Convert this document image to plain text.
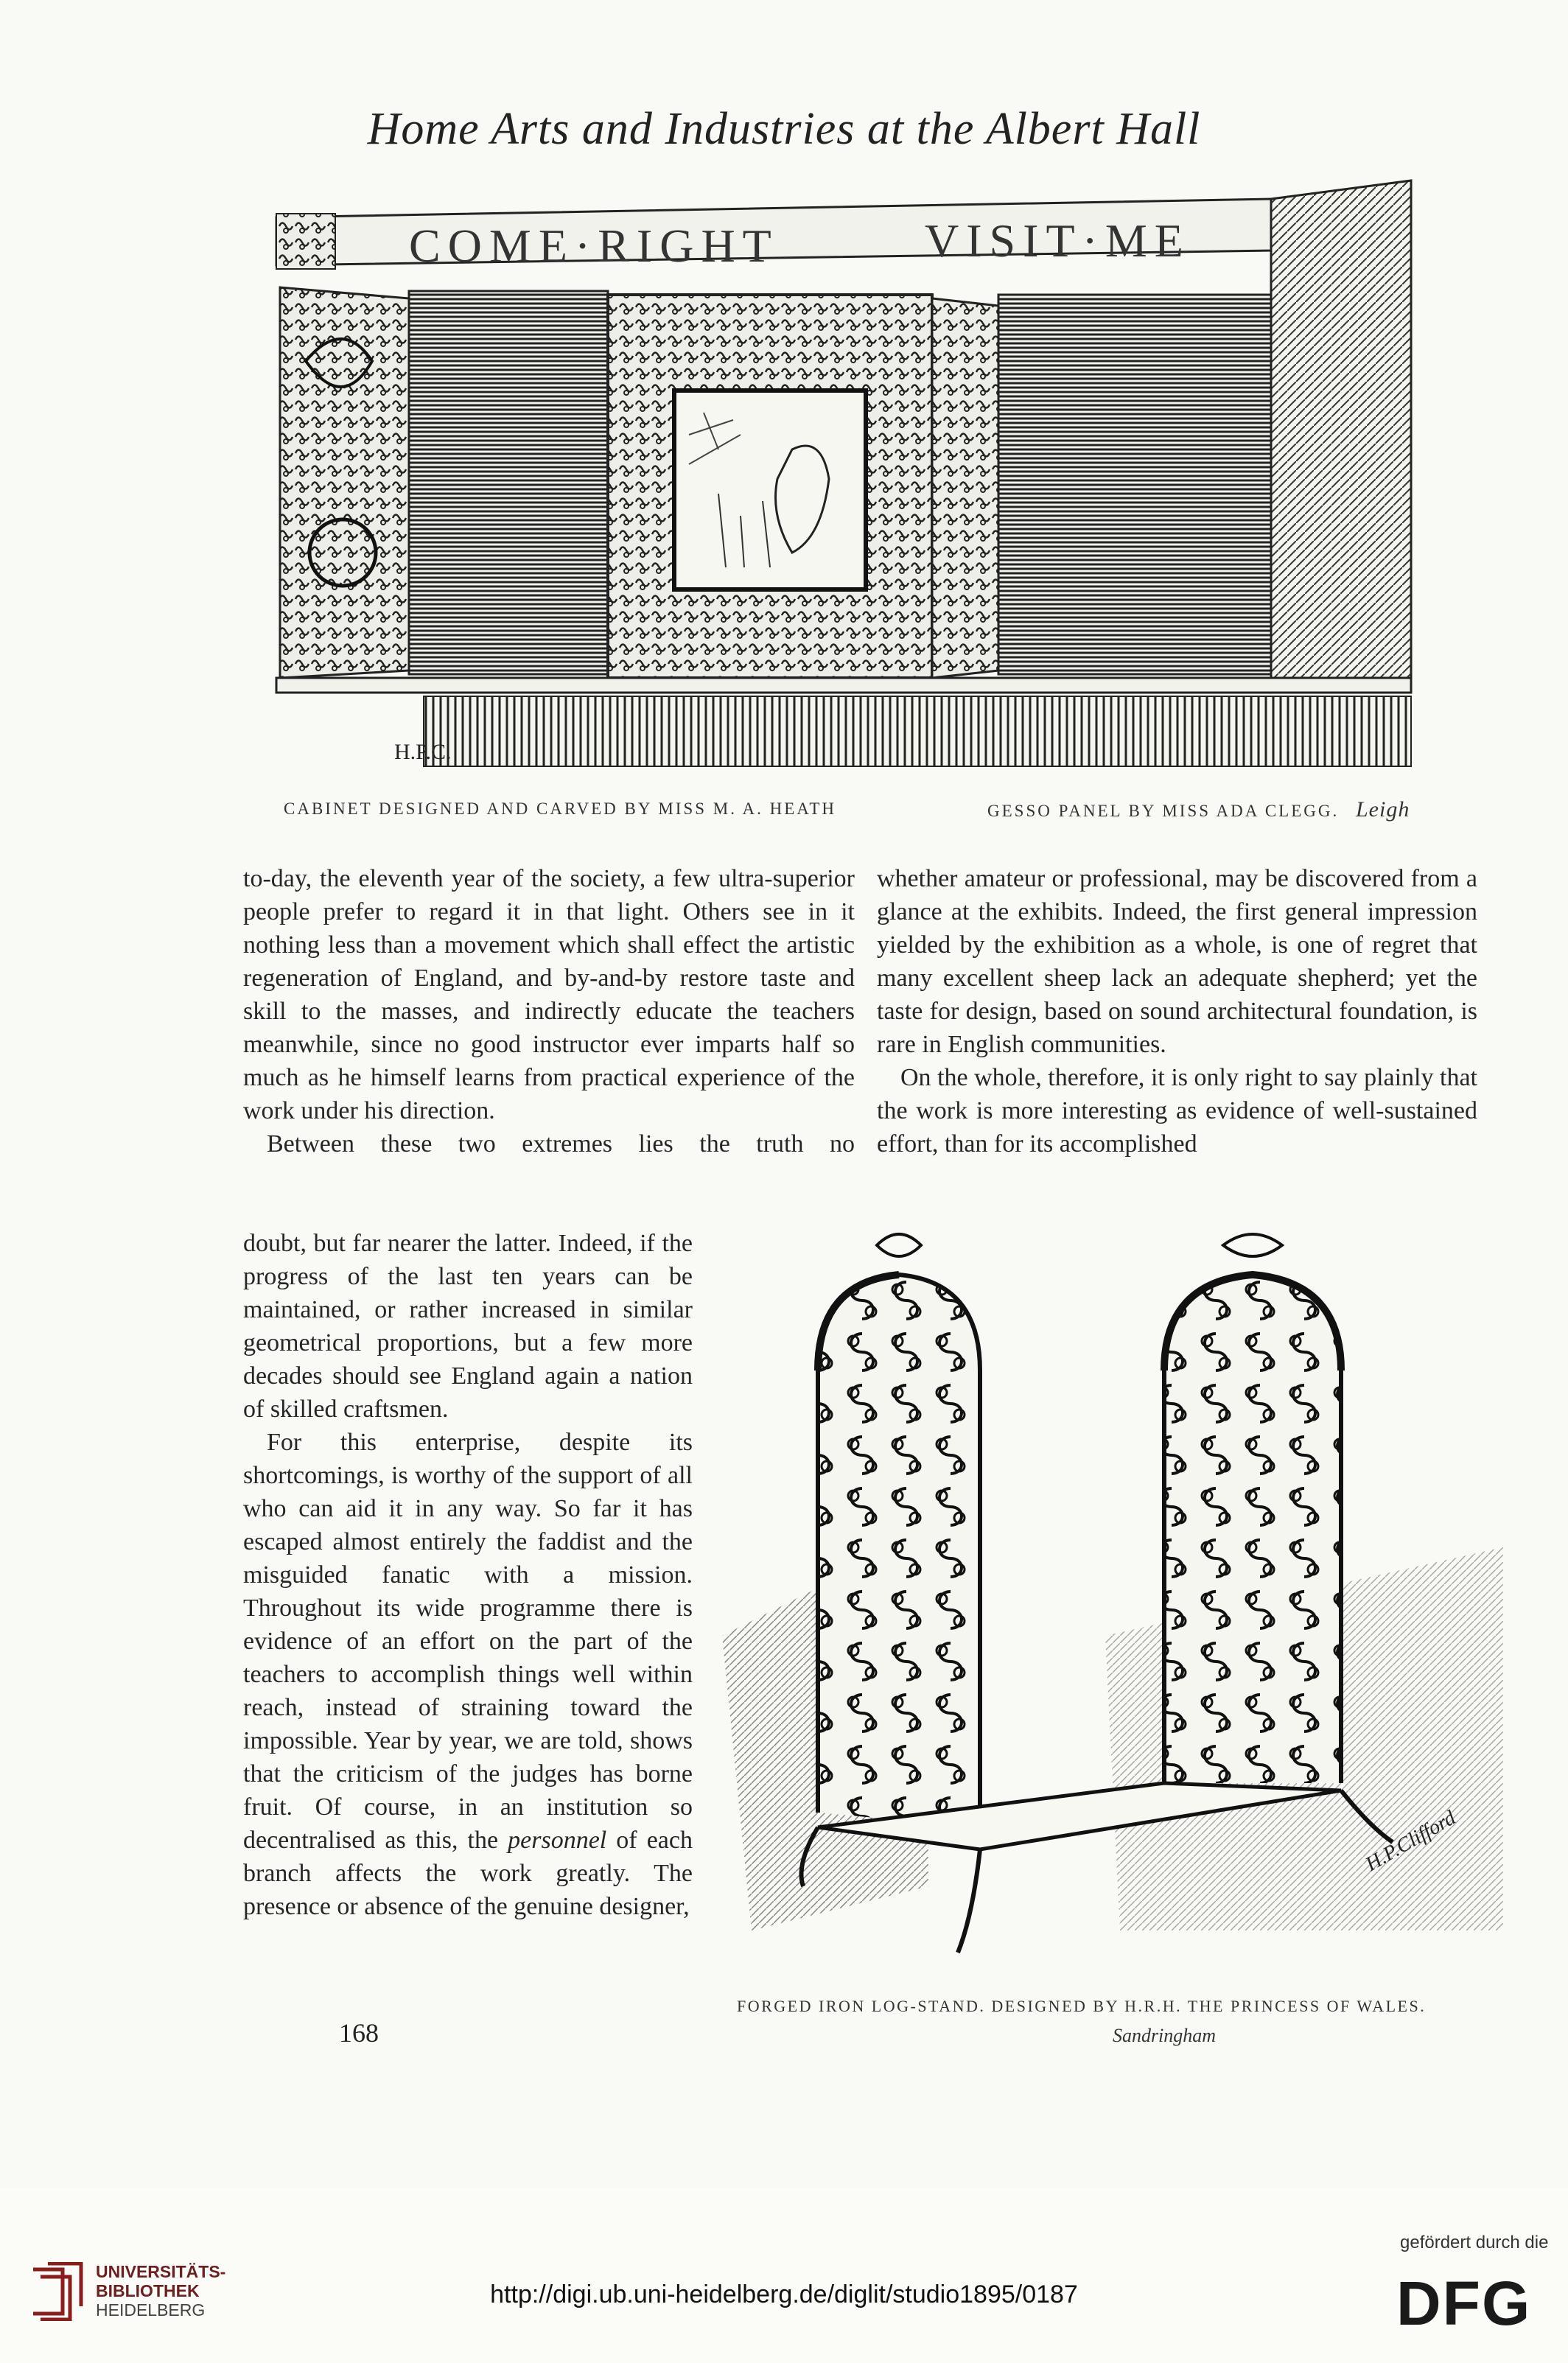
Home Arts and Industries at the Albert Hall
COME·RIGHT	VISIT·ME
H.P.C.
CABINET DESIGNED AND CARVED BY MISS M. A. HEATH	GESSO PANEL BY MISS ADA CLEGG. Leigh

to-day, the eleventh year of the society, a few ultra-superior people prefer to regard it in that light. Others see in it nothing less than a movement which shall effect the artistic regeneration of England, and by-and-by restore taste and skill to the masses, and indirectly educate the teachers meanwhile, since no good instructor ever imparts half so much as he himself learns from practical experience of the work under his direction.

Between these two extremes lies the truth no

doubt, but far nearer the latter. Indeed, if the progress of the last ten years can be maintained, or rather increased in similar geometrical proportions, but a few more decades should see England again a nation of skilled craftsmen.

For this enterprise, despite its shortcomings, is worthy of the support of all who can aid it in any way. So far it has escaped almost entirely the faddist and the misguided fanatic with a mission. Throughout its wide programme there is evidence of an effort on the part of the teachers to accomplish things well within reach, instead of straining toward the impossible. Year by year, we are told, shows that the criticism of the judges has borne fruit. Of course, in an institution so decentralised as this, the personnel of each branch affects the work greatly. The presence or absence of the genuine designer,

whether amateur or professional, may be discovered from a glance at the exhibits. Indeed, the first general impression yielded by the exhibition as a whole, is one of regret that many excellent sheep lack an adequate shepherd; yet the taste for design, based on sound architectural foundation, is rare in English communities.

On the whole, therefore, it is only right to say plainly that the work is more interesting as evidence of well-sustained effort, than for its accomplished

H.P.Clifford
FORGED IRON LOG-STAND. DESIGNED BY H.R.H. THE PRINCESS OF WALES.
Sandringham
168
UNIVERSITÄTS-
BIBLIOTHEK
HEIDELBERG
http://digi.ub.uni-heidelberg.de/diglit/studio1895/0187
gefördert durch die
DFG
